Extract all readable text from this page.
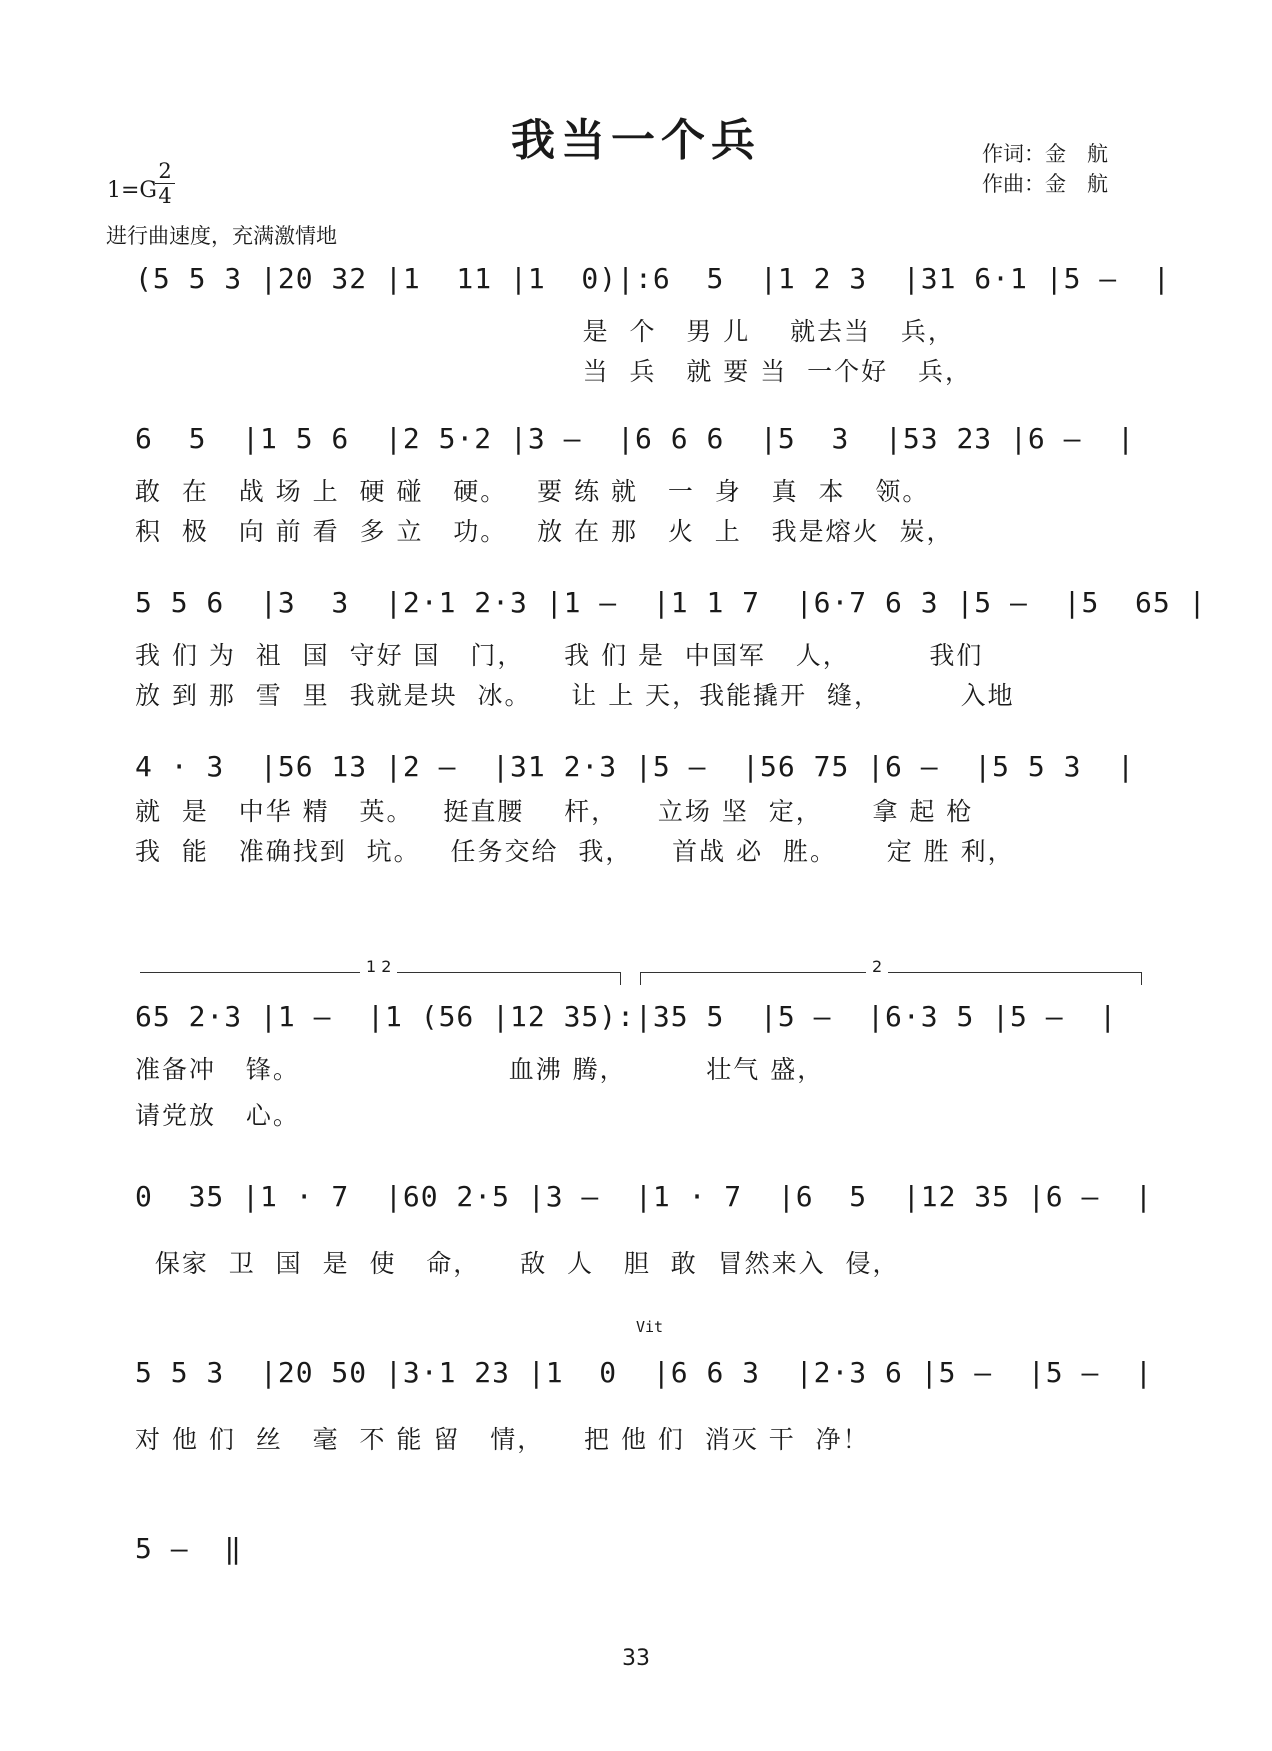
我当一个兵	作词：金　航
作曲：金　航
1=G
2
4
进行曲速度，充满激情地
(5 5 3 |20 32 |1  11 |1  0)|:6  5  |1 2 3  |31 6·1 |5 —  |
是  个   男 儿    就去当   兵，
当  兵   就 要 当  一个好   兵，
6  5  |1 5 6  |2 5·2 |3 —  |6 6 6  |5  3  |53 23 |6 —  |
敢  在   战 场 上  硬 碰   硬。   要 练 就   一  身   真  本   领。
积  极   向 前 看  多 立   功。   放 在 那   火  上   我是熔火  炭，
5 5 6  |3  3  |2·1 2·3 |1 —  |1 1 7  |6·7 6 3 |5 —  |5  65 |
我 们 为  祖  国  守好 国   门，    我 们 是  中国军   人，        我们
放 到 那  雪  里  我就是块  冰。    让 上 天，我能撬开  缝，        入地
4 · 3  |56 13 |2 —  |31 2·3 |5 —  |56 75 |6 —  |5 5 3  |
就  是   中华 精   英。   挺直腰    杆，    立场 坚  定，     拿 起 枪
我  能   准确找到  坑。   任务交给  我，    首战 必  胜。     定 胜 利，
1 2	2
65 2·3 |1 —  |1 (56 |12 35):|35 5  |5 —  |6·3 5 |5 —  |
准备冲   锋。                     血沸 腾，        壮气 盛，
请党放   心。
0  35 |1 · 7  |60 2·5 |3 —  |1 · 7  |6  5  |12 35 |6 —  |
保家  卫  国  是  使   命，    敌  人   胆  敢  冒然来入  侵，
Vit
5 5 3  |20 50 |3·1 23 |1  0  |6 6 3  |2·3 6 |5 —  |5 —  |
对 他 们  丝   毫  不 能 留   情，    把 他 们  消灭 干  净！
5 —  ‖
33
